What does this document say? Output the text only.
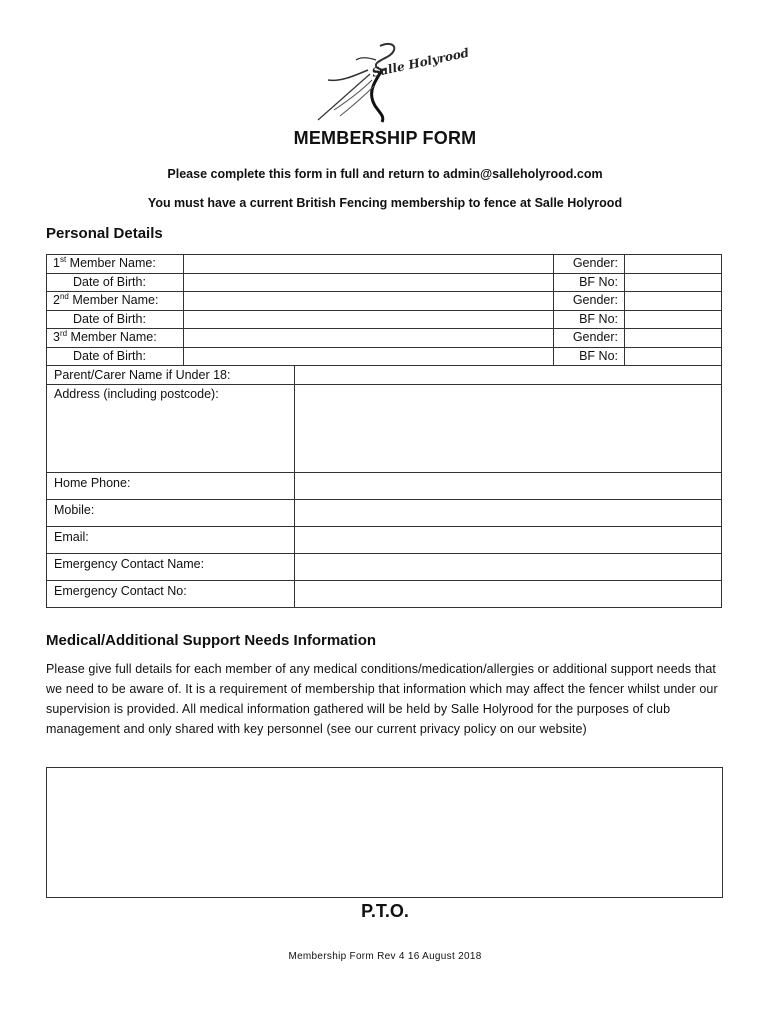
Salle Holyrood
MEMBERSHIP FORM
Please complete this form in full and return to admin@salleholyrood.com
You must have a current British Fencing membership to fence at Salle Holyrood
Personal Details
1st Member Name:		Gender:	
Date of Birth:		BF No:	
2nd Member Name:		Gender:	
Date of Birth:		BF No:	
3rd Member Name:		Gender:	
Date of Birth:		BF No:	
Parent/Carer Name if Under 18:	
Address (including postcode):	
Home Phone:	
Mobile:	
Email:	
Emergency Contact Name:	
Emergency Contact No:	
Medical/Additional Support Needs Information
Please give full details for each member of any medical conditions/medication/allergies or additional support needs that we need to be aware of. It is a requirement of membership that information which may affect the fencer whilst under our supervision is provided. All medical information gathered will be held by Salle Holyrood for the purposes of club management and only shared with key personnel (see our current privacy policy on our website)
P.T.O.
Membership Form Rev 4 16 August 2018
